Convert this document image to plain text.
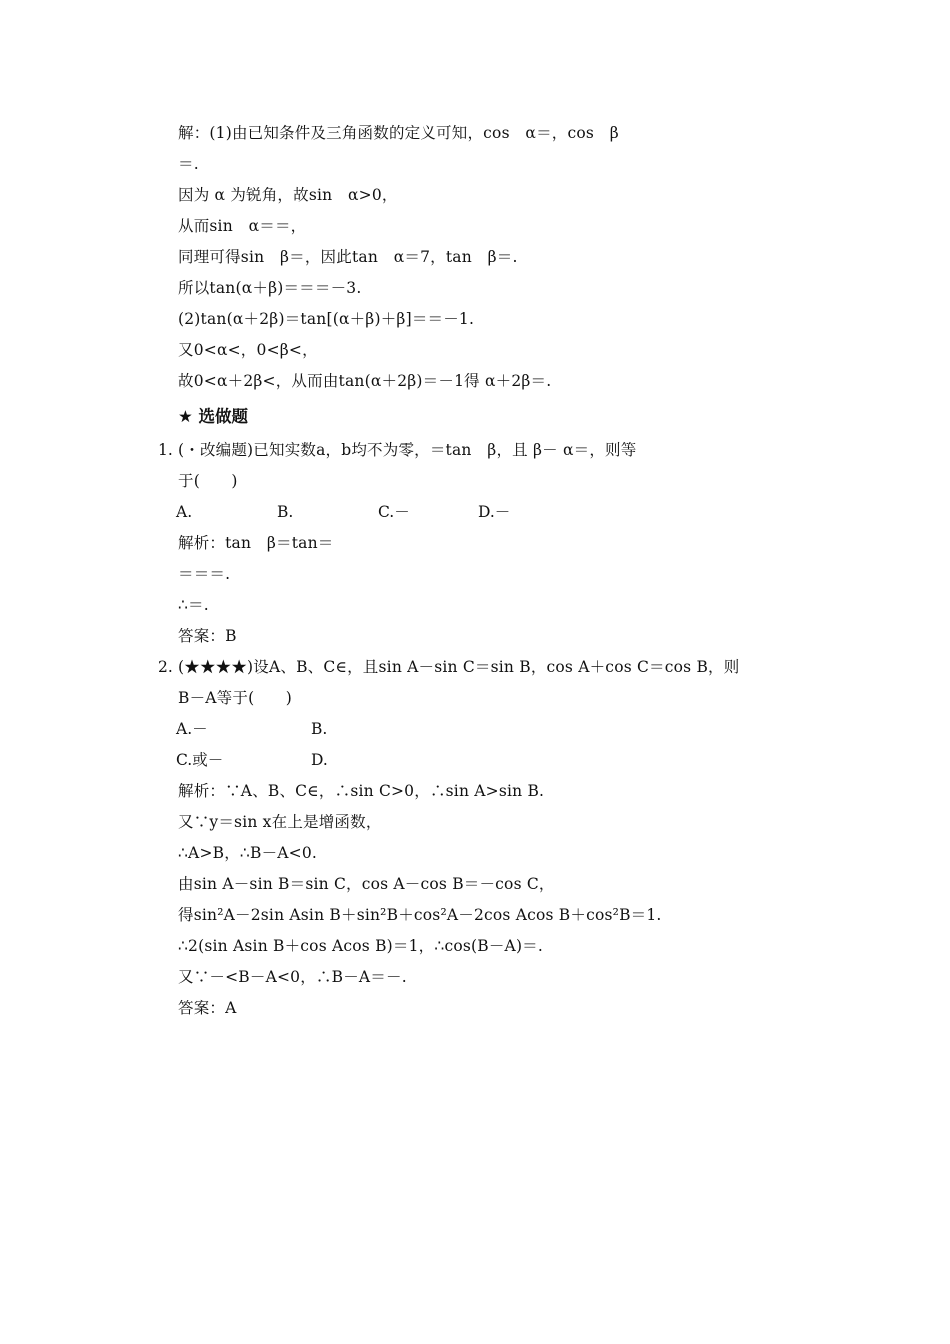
解：(1)由已知条件及三角函数的定义可知，cos　α＝，cos　β
＝.
因为 α 为锐角，故sin　α>0，
从而sin　α＝＝，
同理可得sin　β＝，因此tan　α＝7，tan　β＝.
所以tan(α＋β)＝＝＝－3.
(2)tan(α＋2β)＝tan[(α＋β)＋β]＝＝－1.
又0<α<，0<β<，
故0<α＋2β<，从而由tan(α＋2β)＝－1得 α＋2β＝.
★ 选做题
1. (・改编题)已知实数a，b均不为零，＝tan　β，且 β－ α＝，则等
于(　　)
A.	B.	C.－	D.－
解析：tan　β＝tan＝
＝＝＝.
∴＝.
答案：B
2. (★★★★)设A、B、C∈，且sin A－sin C＝sin B，cos A＋cos C＝cos B，则
B－A等于(　　)
A.－	B.
C.或－	D.
解析：∵A、B、C∈，∴sin C>0，∴sin A>sin B.
又∵y＝sin x在上是增函数，
∴A>B，∴B－A<0.
由sin A－sin B＝sin C，cos A－cos B＝－cos C，
得sin²A－2sin Asin B＋sin²B＋cos²A－2cos Acos B＋cos²B＝1.
∴2(sin Asin B＋cos Acos B)＝1，∴cos(B－A)＝.
又∵－<B－A<0，∴B－A＝－.
答案：A
